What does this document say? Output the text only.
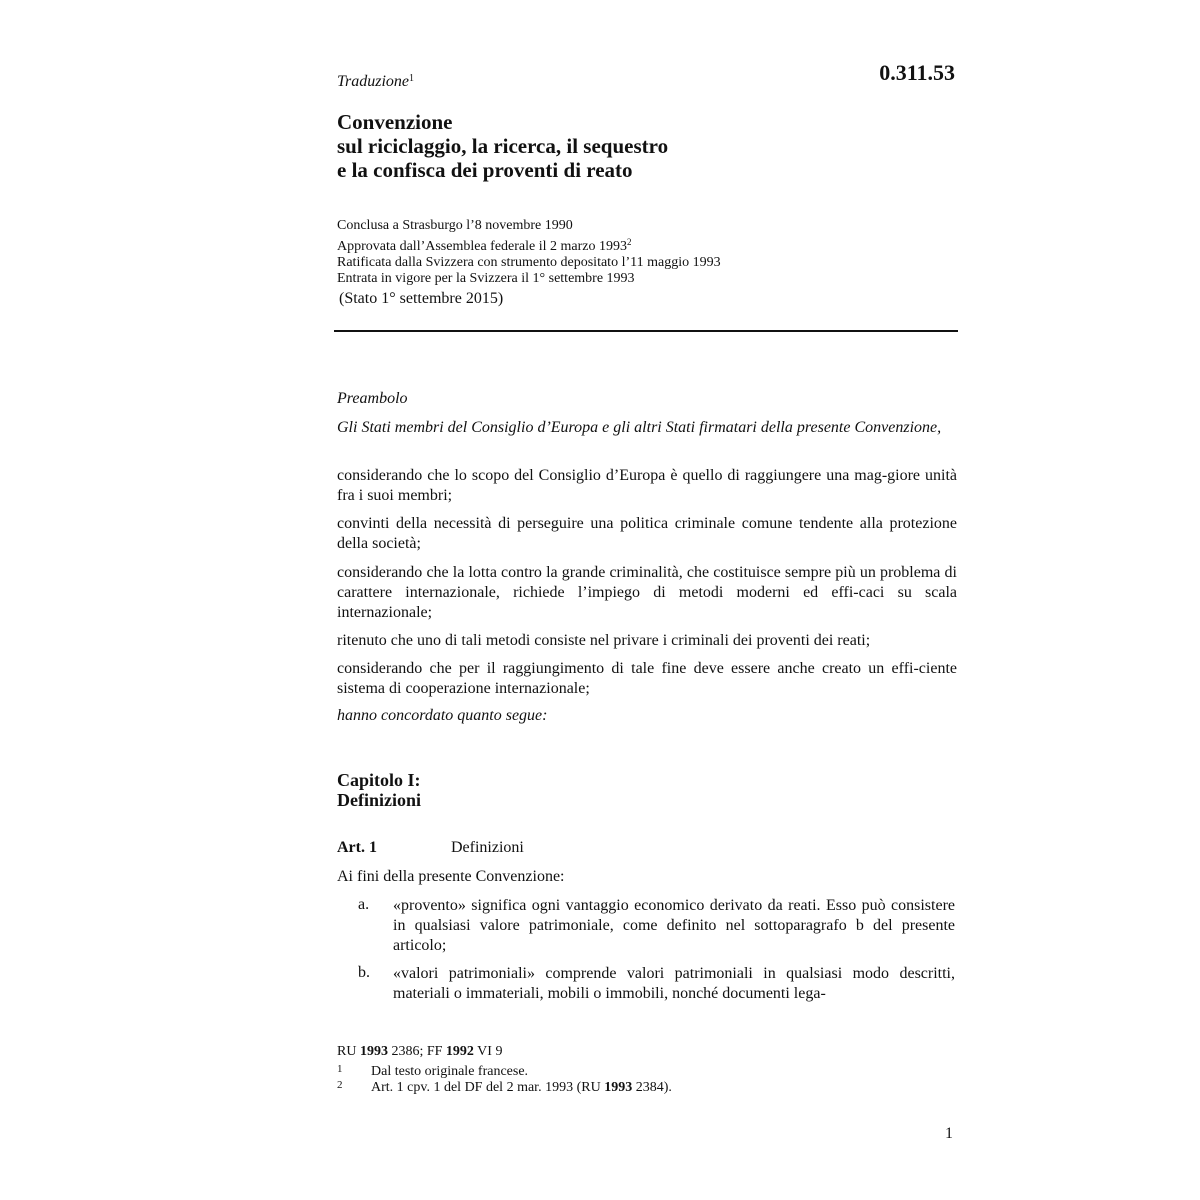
0.311.53
Traduzione$^1$
Convenzione
sul riciclaggio, la ricerca, il sequestro
e la confisca dei proventi di reato
Conclusa a Strasburgo l’8 novembre 1990
Approvata dall’Assemblea federale il 2 marzo 1993$^2$
Ratificata dalla Svizzera con strumento depositato l’11 maggio 1993
Entrata in vigore per la Svizzera il 1° settembre 1993
(Stato 1° settembre 2015)
Preambolo
Gli Stati membri del Consiglio d’Europa e gli altri Stati firmatari della presente Convenzione,
considerando che lo scopo del Consiglio d’Europa è quello di raggiungere una mag-giore unità fra i suoi membri;
convinti della necessità di perseguire una politica criminale comune tendente alla protezione della società;
considerando che la lotta contro la grande criminalità, che costituisce sempre più un problema di carattere internazionale, richiede l’impiego di metodi moderni ed effi-caci su scala internazionale;
ritenuto che uno di tali metodi consiste nel privare i criminali dei proventi dei reati;
considerando che per il raggiungimento di tale fine deve essere anche creato un effi-ciente sistema di cooperazione internazionale;
hanno concordato quanto segue:
Capitolo I:
Definizioni
Art. 1	Definizioni
Ai fini della presente Convenzione:
a. «provento» significa ogni vantaggio economico derivato da reati. Esso può consistere in qualsiasi valore patrimoniale, come definito nel sottoparagrafo b del presente articolo;
b. «valori patrimoniali» comprende valori patrimoniali in qualsiasi modo descritti, materiali o immateriali, mobili o immobili, nonché documenti lega-
RU 1993 2386; FF 1992 VI 9
1 Dal testo originale francese.
2 Art. 1 cpv. 1 del DF del 2 mar. 1993 (RU 1993 2384).
1
